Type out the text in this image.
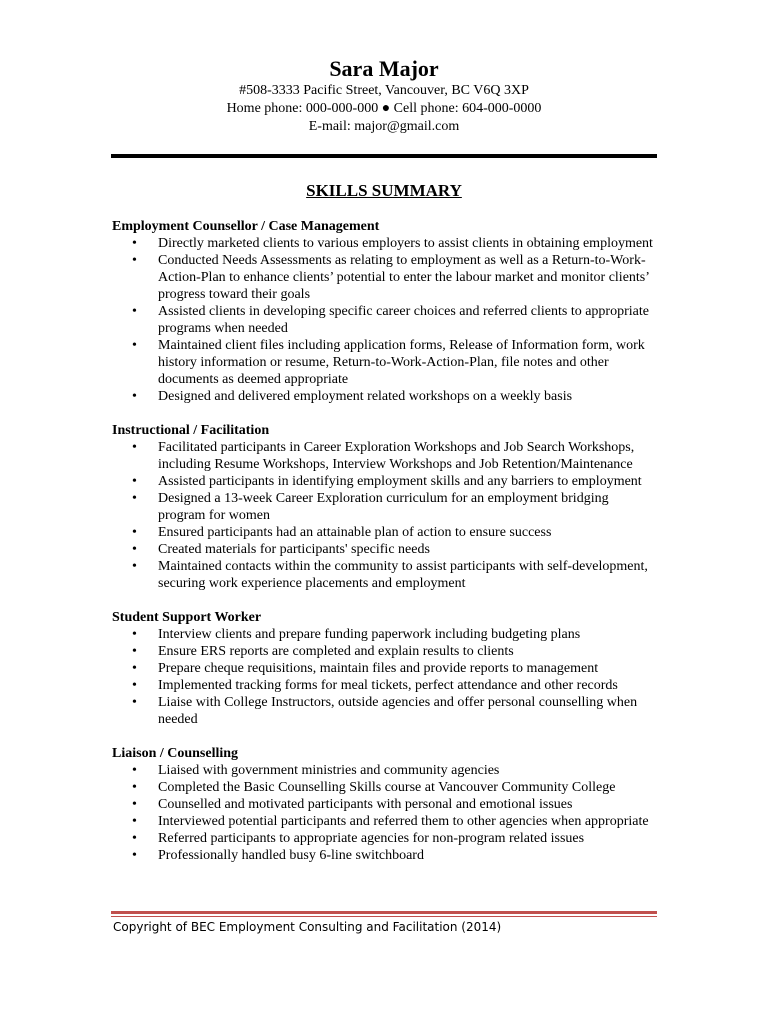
Sara Major
#508-3333 Pacific Street, Vancouver, BC V6Q 3XP
Home phone: 000-000-000 ● Cell phone: 604-000-0000
E-mail: major@gmail.com
SKILLS SUMMARY
Employment Counsellor / Case Management
• Directly marketed clients to various employers to assist clients in obtaining employment
• Conducted Needs Assessments as relating to employment as well as a Return-to-Work-Action-Plan to enhance clients’ potential to enter the labour market and monitor clients’ progress toward their goals
• Assisted clients in developing specific career choices and referred clients to appropriate programs when needed
• Maintained client files including application forms, Release of Information form, work history information or resume, Return-to-Work-Action-Plan, file notes and other documents as deemed appropriate
• Designed and delivered employment related workshops on a weekly basis
Instructional / Facilitation
• Facilitated participants in Career Exploration Workshops and Job Search Workshops, including Resume Workshops, Interview Workshops and Job Retention/Maintenance
• Assisted participants in identifying employment skills and any barriers to employment
• Designed a 13-week Career Exploration curriculum for an employment bridging program for women
• Ensured participants had an attainable plan of action to ensure success
• Created materials for participants' specific needs
• Maintained contacts within the community to assist participants with self-development, securing work experience placements and employment
Student Support Worker
• Interview clients and prepare funding paperwork including budgeting plans
• Ensure ERS reports are completed and explain results to clients
• Prepare cheque requisitions, maintain files and provide reports to management
• Implemented tracking forms for meal tickets, perfect attendance and other records
• Liaise with College Instructors, outside agencies and offer personal counselling when needed
Liaison / Counselling
• Liaised with government ministries and community agencies
• Completed the Basic Counselling Skills course at Vancouver Community College
• Counselled and motivated participants with personal and emotional issues
• Interviewed potential participants and referred them to other agencies when appropriate
• Referred participants to appropriate agencies for non-program related issues
• Professionally handled busy 6-line switchboard
Copyright of BEC Employment Consulting and Facilitation (2014)
